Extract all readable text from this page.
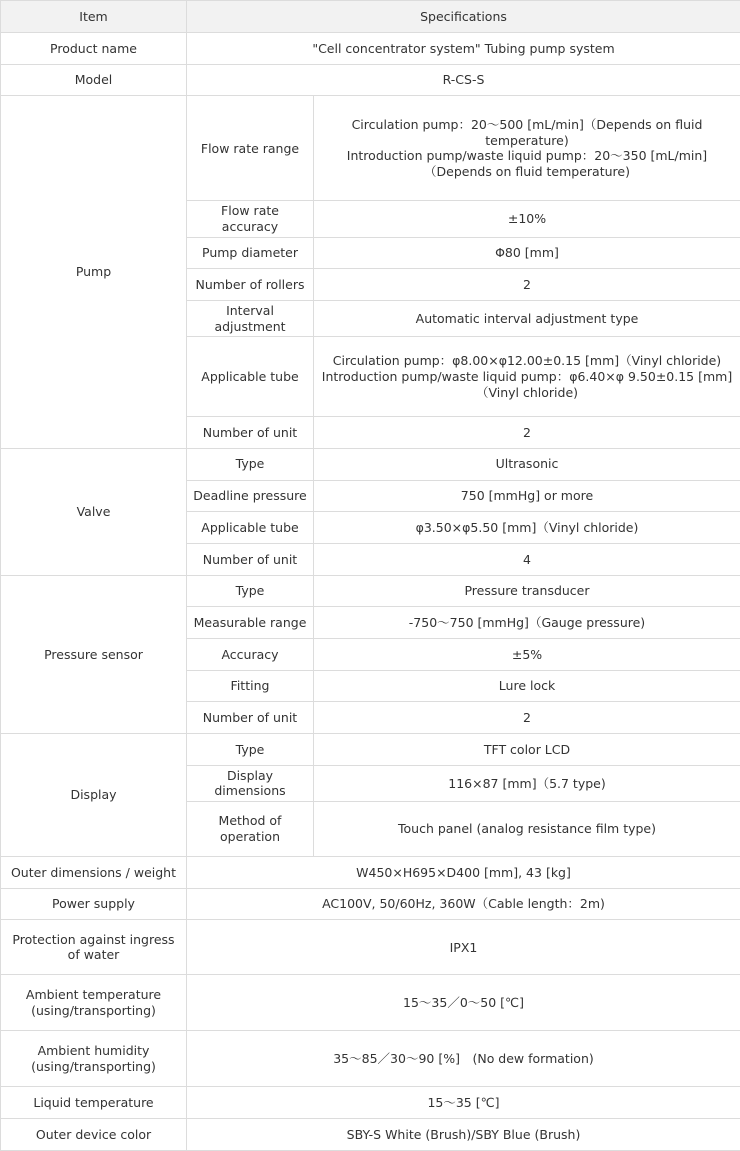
Item	Specifications	
Product name	"Cell concentrator system" Tubing pump system	
Model	R-CS-S	
Pump	Flow rate range	Circulation pump：20～500 [mL/min]（Depends on fluid temperature)
Introduction pump/waste liquid pump：20～350 [mL/min]（Depends on fluid temperature)
	Flow rate accuracy	±10%
	Pump diameter	Φ80 [mm]
	Number of rollers	2
	Interval adjustment	Automatic interval adjustment type
	Applicable tube	Circulation pump：φ8.00×φ12.00±0.15 [mm]（Vinyl chloride)
Introduction pump/waste liquid pump：φ6.40×φ 9.50±0.15 [mm]（Vinyl chloride)
	Number of unit	2
Valve	Type	Ultrasonic
	Deadline pressure	750 [mmHg] or more
	Applicable tube	φ3.50×φ5.50 [mm]（Vinyl chloride)
	Number of unit	4
Pressure sensor	Type	Pressure transducer
	Measurable range	-750～750 [mmHg]（Gauge pressure)
	Accuracy	±5%
	Fitting	Lure lock
	Number of unit	2
Display	Type	TFT color LCD
	Display dimensions	116×87 [mm]（5.7 type)
	Method of operation	Touch panel (analog resistance film type)
Outer dimensions / weight	W450×H695×D400 [mm], 43 [kg]	
Power supply	AC100V, 50/60Hz, 360W（Cable length：2m)	
Protection against ingress of water	IPX1	
Ambient temperature (using/transporting)	15～35／0～50 [℃]	
Ambient humidity (using/transporting)	35～85／30～90 [%]　(No dew formation)	
Liquid temperature	15～35 [℃]	
Outer device color	SBY-S White (Brush)/SBY Blue (Brush)	
